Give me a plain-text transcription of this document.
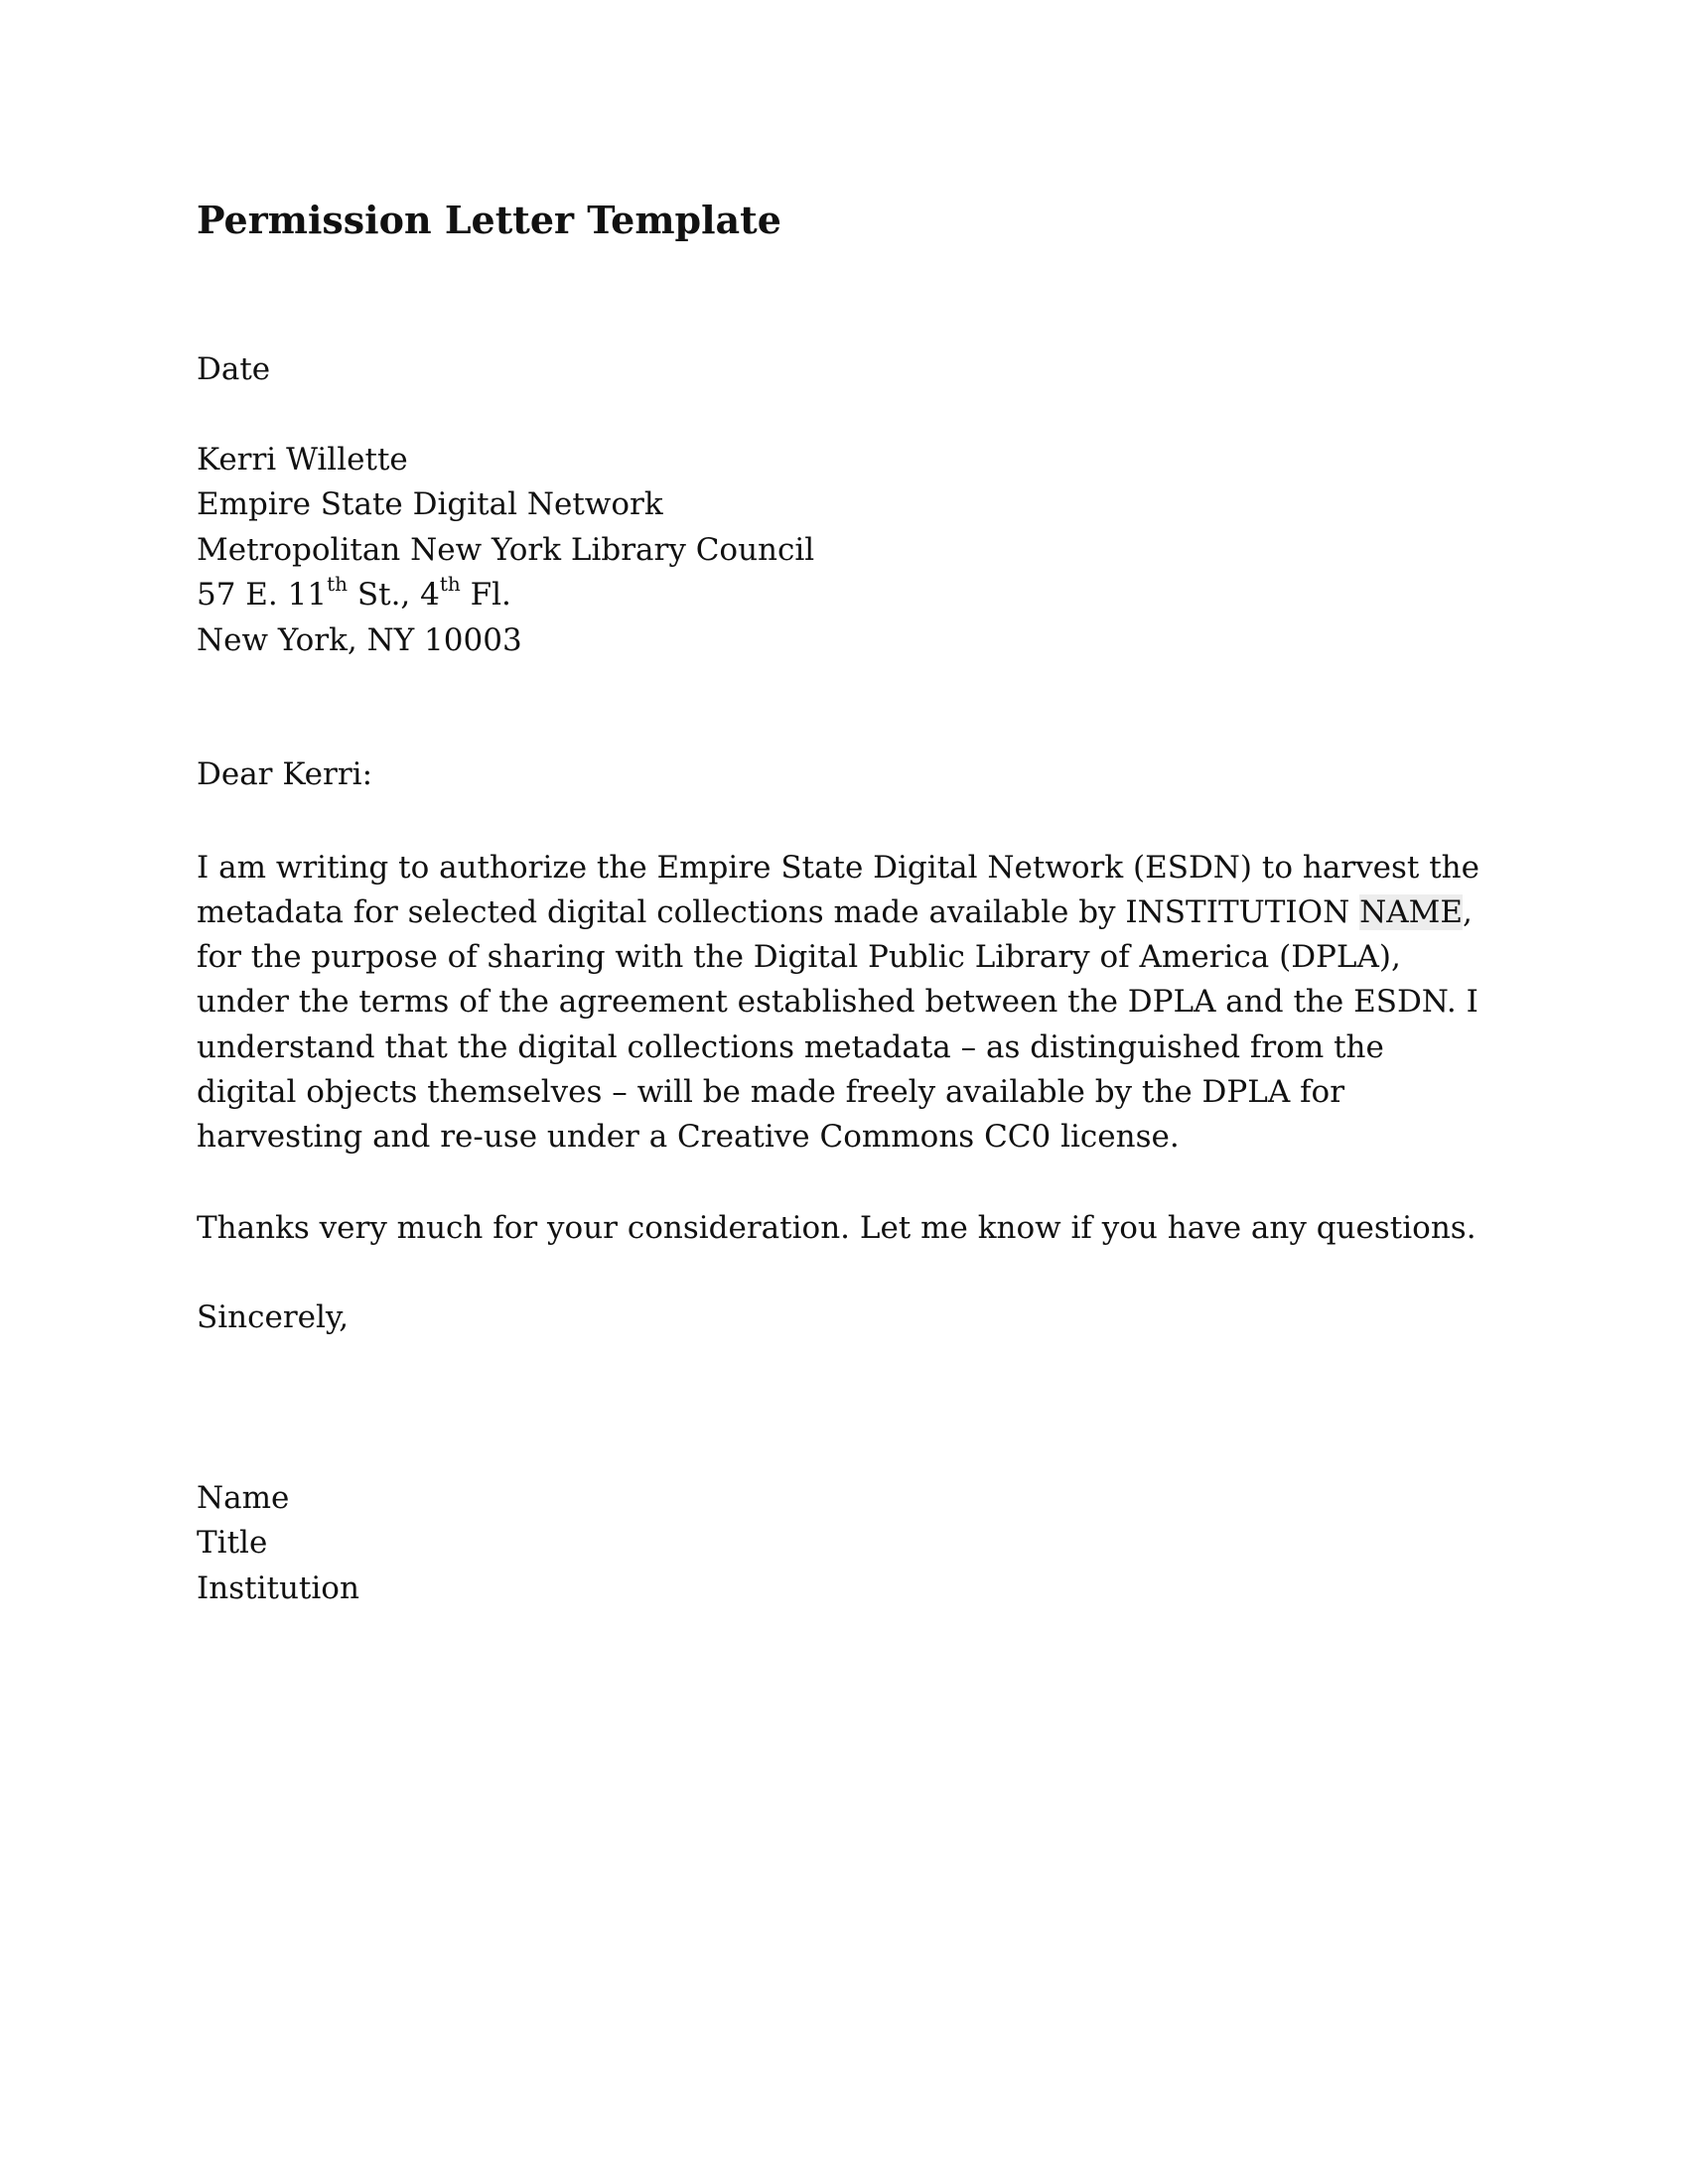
Permission Letter Template
Date
Kerri Willette
Empire State Digital Network
Metropolitan New York Library Council
57 E. 11th St., 4th Fl.
New York, NY 10003
Dear Kerri:

I am writing to authorize the Empire State Digital Network (ESDN) to harvest the metadata for selected digital collections made available by INSTITUTION NAME, for the purpose of sharing with the Digital Public Library of America (DPLA), under the terms of the agreement established between the DPLA and the ESDN. I understand that the digital collections metadata – as distinguished from the digital objects themselves – will be made freely available by the DPLA for harvesting and re-use under a Creative Commons CC0 license.

Thanks very much for your consideration. Let me know if you have any questions.
Sincerely,
Name
Title
Institution
